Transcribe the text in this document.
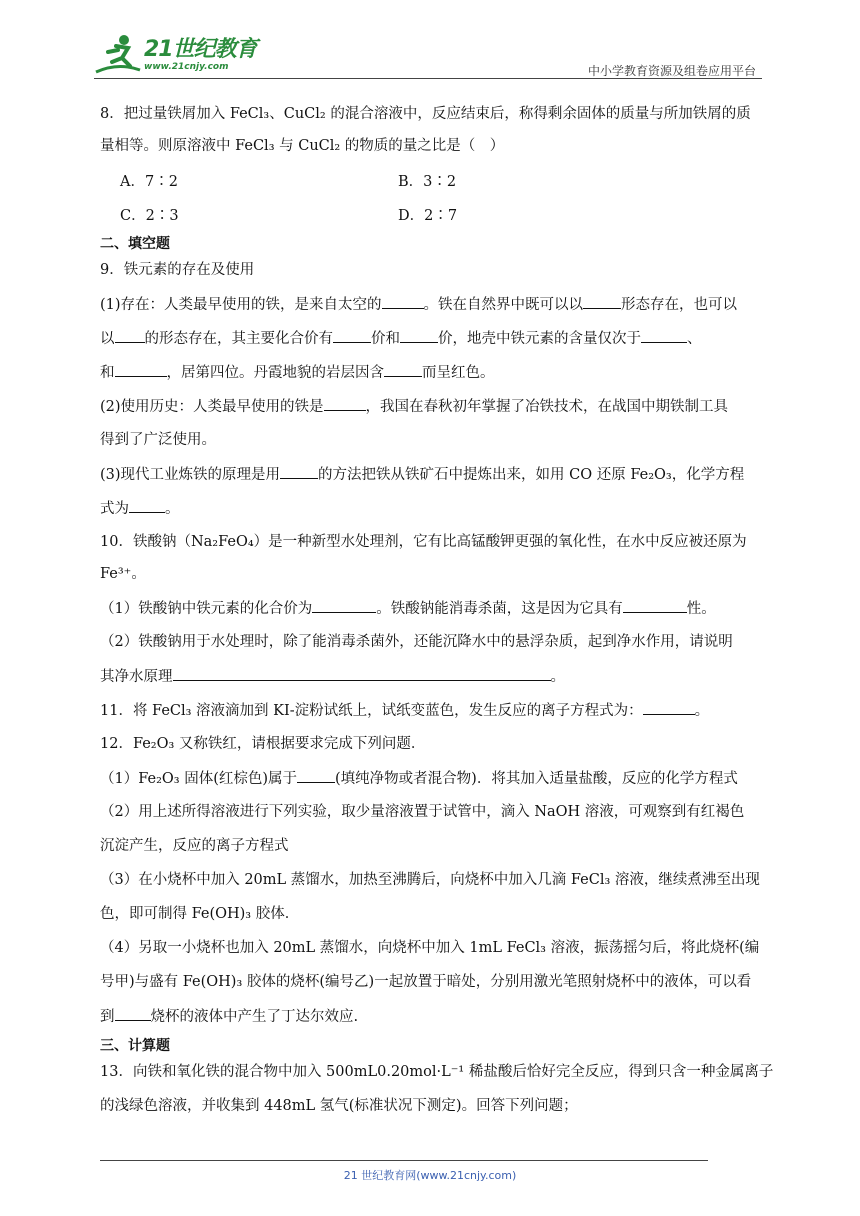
21世纪教育
www.21cnjy.com	中小学教育资源及组卷应用平台
8．把过量铁屑加入 FeCl₃、CuCl₂ 的混合溶液中，反应结束后，称得剩余固体的质量与所加铁屑的质
量相等。则原溶液中 FeCl₃ 与 CuCl₂ 的物质的量之比是（　）
A．7∶2	B．3∶2
C．2∶3	D．2∶7
二、填空题
9．铁元素的存在及使用
(1)存在：人类最早使用的铁，是来自太空的	。铁在自然界中既可以以	形态存在，也可以
以 的形态存在，其主要化合价有	价和	价，地壳中铁元素的含量仅次于	、
和	，居第四位。丹霞地貌的岩层因含	而呈红色。
(2)使用历史：人类最早使用的铁是	，我国在春秋初年掌握了冶铁技术，在战国中期铁制工具
得到了广泛使用。
(3)现代工业炼铁的原理是用	的方法把铁从铁矿石中提炼出来，如用 CO 还原 Fe₂O₃，化学方程
式为 。
10．铁酸钠（Na₂FeO₄）是一种新型水处理剂，它有比高锰酸钾更强的氧化性，在水中反应被还原为
Fe³⁺。
（1）铁酸钠中铁元素的化合价为	。铁酸钠能消毒杀菌，这是因为它具有	性。
（2）铁酸钠用于水处理时，除了能消毒杀菌外，还能沉降水中的悬浮杂质，起到净水作用，请说明
其净水原理	。
11．将 FeCl₃ 溶液滴加到 KI-淀粉试纸上，试纸变蓝色，发生反应的离子方程式为：	。
12．Fe₂O₃ 又称铁红，请根据要求完成下列问题．
（1）Fe₂O₃ 固体(红棕色)属于	(填纯净物或者混合物)．将其加入适量盐酸，反应的化学方程式
（2）用上述所得溶液进行下列实验，取少量溶液置于试管中，滴入 NaOH 溶液，可观察到有红褐色
沉淀产生，反应的离子方程式
（3）在小烧杯中加入 20mL 蒸馏水，加热至沸腾后，向烧杯中加入几滴 FeCl₃ 溶液，继续煮沸至出现
色，即可制得 Fe(OH)₃ 胶体．
（4）另取一小烧杯也加入 20mL 蒸馏水，向烧杯中加入 1mL FeCl₃ 溶液，振荡摇匀后，将此烧杯(编
号甲)与盛有 Fe(OH)₃ 胶体的烧杯(编号乙)一起放置于暗处，分别用激光笔照射烧杯中的液体，可以看
到 烧杯的液体中产生了丁达尔效应.
三、计算题
13．向铁和氧化铁的混合物中加入 500mL0.20mol·L⁻¹ 稀盐酸后恰好完全反应，得到只含一种金属离子
的浅绿色溶液，并收集到 448mL 氢气(标准状况下测定)。回答下列问题；
21 世纪教育网(www.21cnjy.com)
